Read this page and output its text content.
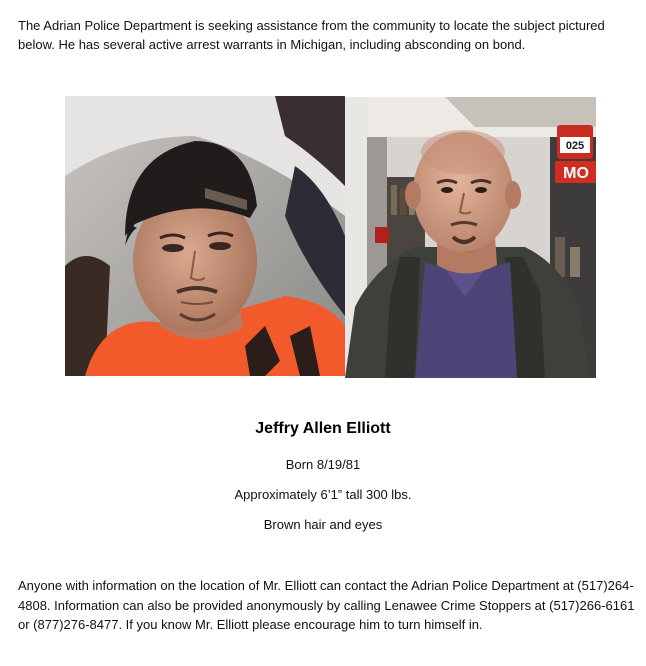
The Adrian Police Department is seeking assistance from the community to locate the subject pictured below. He has several active arrest warrants in Michigan, including absconding on bond.

025
MO

Jeffry Allen Elliott

Born 8/19/81

Approximately 6’1” tall 300 lbs.

Brown hair and eyes

Anyone with information on the location of Mr. Elliott can contact the Adrian Police Department at (517)264-4808. Information can also be provided anonymously by calling Lenawee Crime Stoppers at (517)266-6161 or (877)276-8477. If you know Mr. Elliott please encourage him to turn himself in.
